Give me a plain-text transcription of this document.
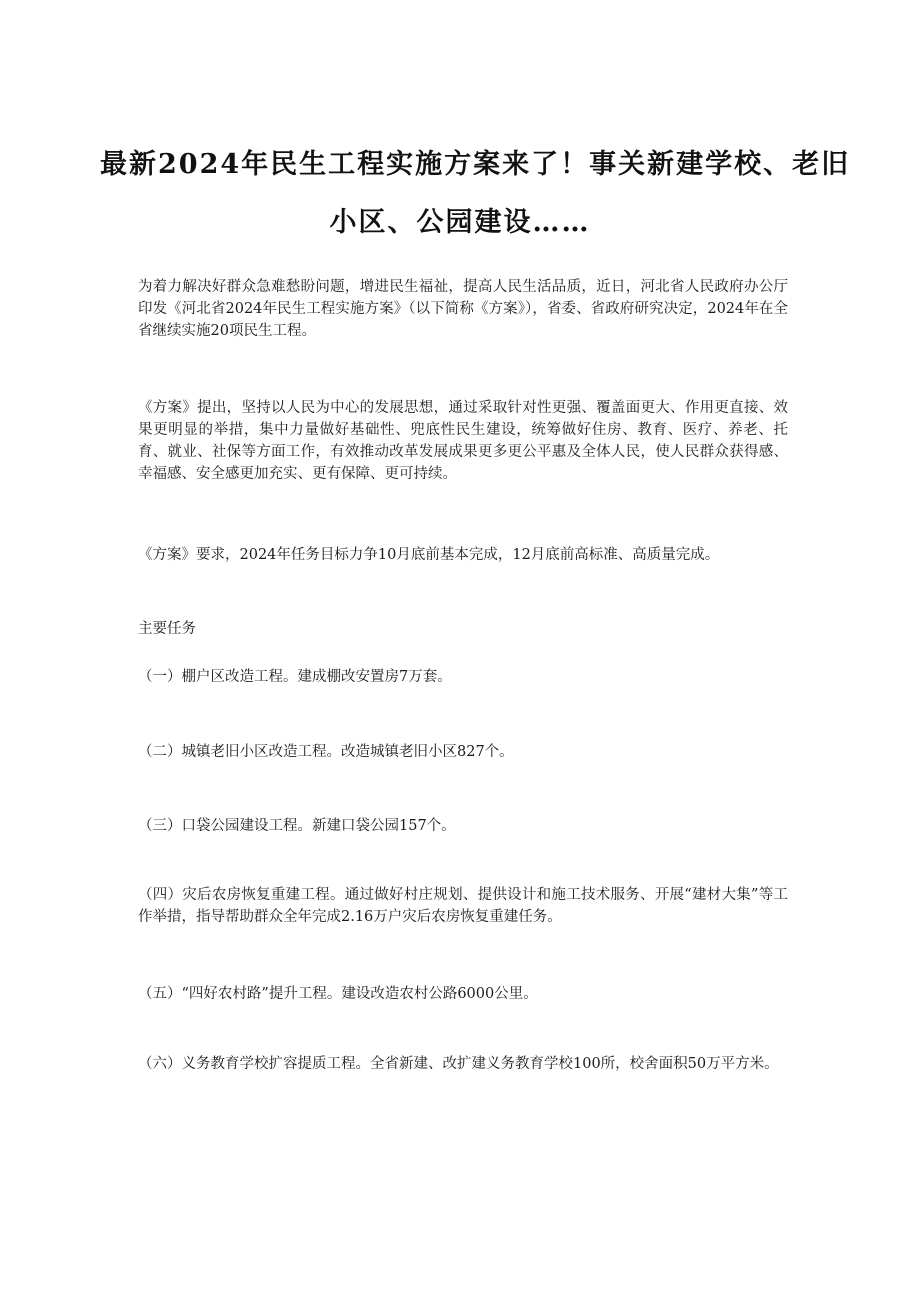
最新2024年民生工程实施方案来了！事关新建学校、老旧
小区、公园建设……
为着力解决好群众急难愁盼问题，增进民生福祉，提高人民生活品质，近日，河北省人民政府办公厅印发《河北省2024年民生工程实施方案》（以下简称《方案》），省委、省政府研究决定，2024年在全省继续实施20项民生工程。
《方案》提出，坚持以人民为中心的发展思想，通过采取针对性更强、覆盖面更大、作用更直接、效果更明显的举措，集中力量做好基础性、兜底性民生建设，统筹做好住房、教育、医疗、养老、托育、就业、社保等方面工作，有效推动改革发展成果更多更公平惠及全体人民，使人民群众获得感、幸福感、安全感更加充实、更有保障、更可持续。
《方案》要求，2024年任务目标力争10月底前基本完成，12月底前高标准、高质量完成。
主要任务
（一）棚户区改造工程。建成棚改安置房7万套。
（二）城镇老旧小区改造工程。改造城镇老旧小区827个。
（三）口袋公园建设工程。新建口袋公园157个。
（四）灾后农房恢复重建工程。通过做好村庄规划、提供设计和施工技术服务、开展“建材大集”等工作举措，指导帮助群众全年完成2.16万户灾后农房恢复重建任务。
（五）“四好农村路”提升工程。建设改造农村公路6000公里。
（六）义务教育学校扩容提质工程。全省新建、改扩建义务教育学校100所，校舍面积50万平方米。
